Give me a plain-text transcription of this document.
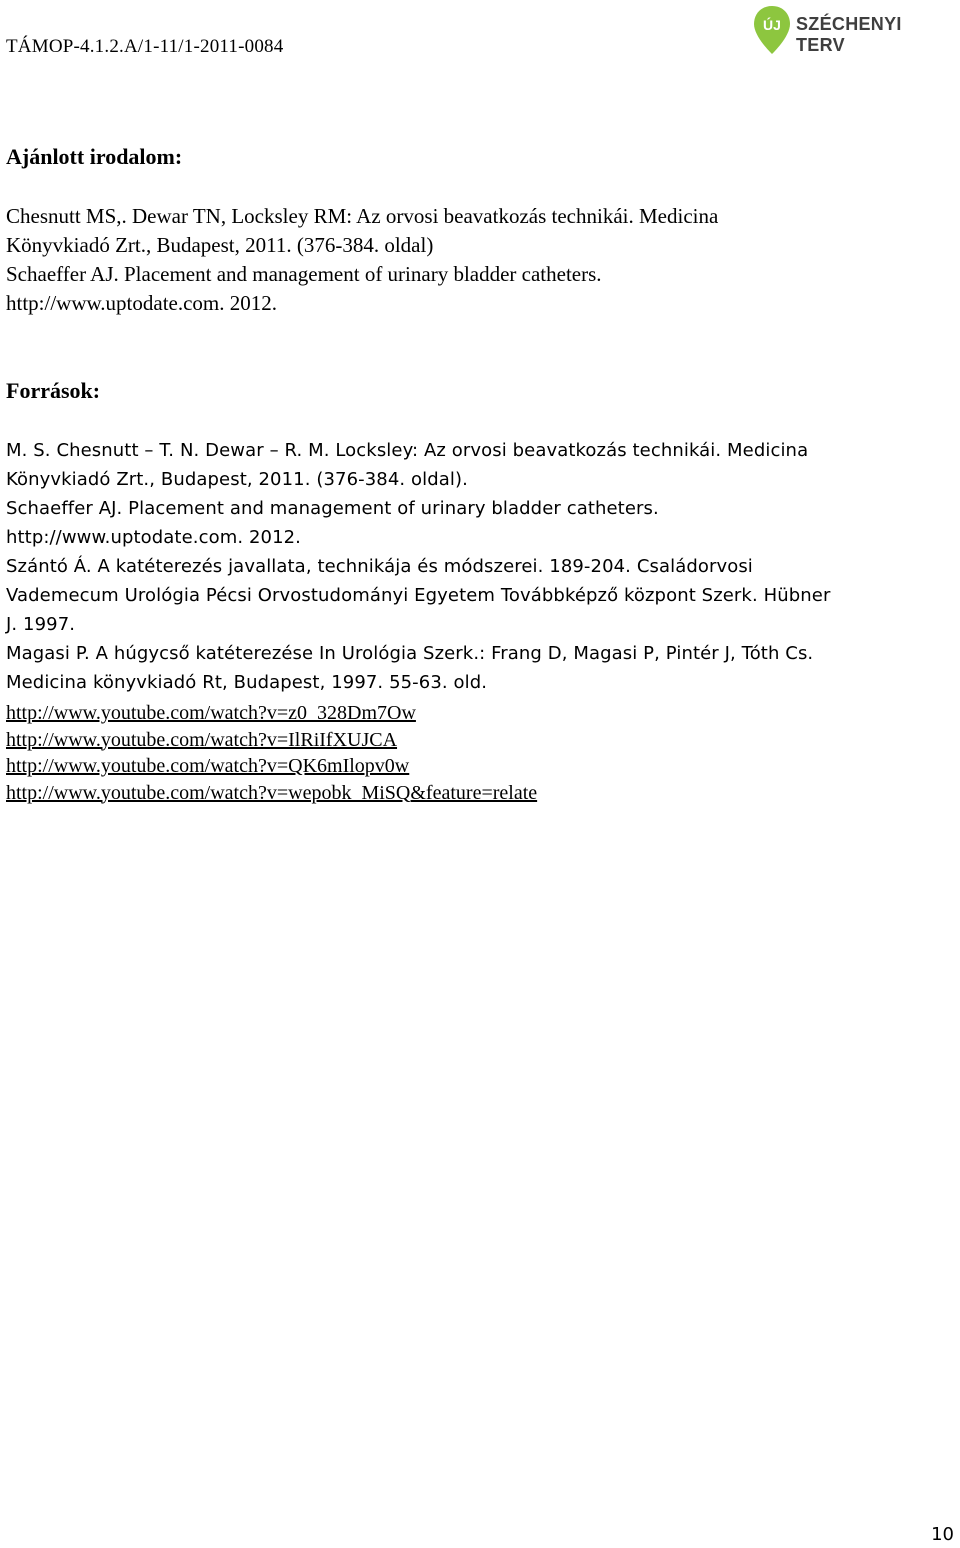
TÁMOP-4.1.2.A/1-11/1-2011-0084
ÚJ SZÉCHENYI TERV
Ajánlott irodalom:
Chesnutt MS,. Dewar TN, Locksley RM: Az orvosi beavatkozás technikái. Medicina
Könyvkiadó Zrt., Budapest, 2011. (376-384. oldal)
Schaeffer AJ. Placement and management of urinary bladder catheters.
http://www.uptodate.com. 2012.
Források:
M. S. Chesnutt – T. N. Dewar – R. M. Locksley: Az orvosi beavatkozás technikái. Medicina
Könyvkiadó Zrt., Budapest, 2011. (376-384. oldal).
Schaeffer AJ. Placement and management of urinary bladder catheters.
http://www.uptodate.com. 2012.
Szántó Á. A katéterezés javallata, technikája és módszerei. 189-204. Családorvosi
Vademecum Urológia Pécsi Orvostudományi Egyetem Továbbképző központ Szerk. Hübner
J. 1997.
Magasi P. A húgycső katéterezése In Urológia Szerk.: Frang D, Magasi P, Pintér J, Tóth Cs.
Medicina könyvkiadó Rt, Budapest, 1997. 55-63. old.
http://www.youtube.com/watch?v=z0_328Dm7Ow
http://www.youtube.com/watch?v=IlRiIfXUJCA
http://www.youtube.com/watch?v=QK6mIlopv0w
http://www.youtube.com/watch?v=wepobk_MiSQ&feature=relate
10
